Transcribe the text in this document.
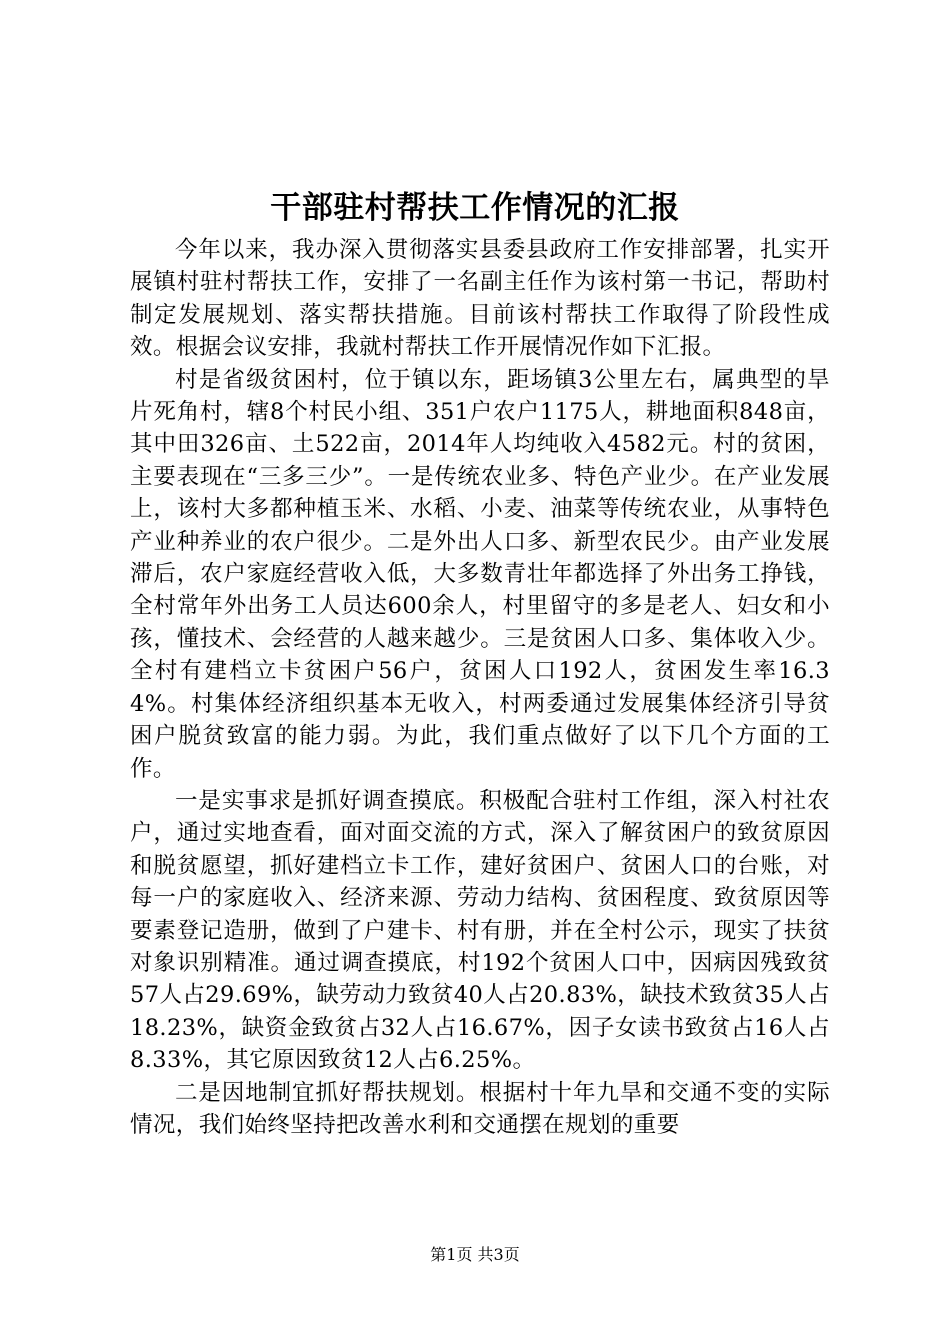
干部驻村帮扶工作情况的汇报

今年以来，我办深入贯彻落实县委县政府工作安排部署，扎实开展镇村驻村帮扶工作，安排了一名副主任作为该村第一书记，帮助村制定发展规划、落实帮扶措施。目前该村帮扶工作取得了阶段性成效。根据会议安排，我就村帮扶工作开展情况作如下汇报。

村是省级贫困村，位于镇以东，距场镇3公里左右，属典型的旱片死角村，辖8个村民小组、351户农户1175人，耕地面积848亩，其中田326亩、土522亩，2014年人均纯收入4582元。村的贫困，主要表现在“三多三少”。一是传统农业多、特色产业少。在产业发展上，该村大多都种植玉米、水稻、小麦、油菜等传统农业，从事特色产业种养业的农户很少。二是外出人口多、新型农民少。由产业发展滞后，农户家庭经营收入低，大多数青壮年都选择了外出务工挣钱，全村常年外出务工人员达600余人，村里留守的多是老人、妇女和小孩，懂技术、会经营的人越来越少。三是贫困人口多、集体收入少。全村有建档立卡贫困户56户，贫困人口192人，贫困发生率16.34%。村集体经济组织基本无收入，村两委通过发展集体经济引导贫困户脱贫致富的能力弱。为此，我们重点做好了以下几个方面的工作。

一是实事求是抓好调查摸底。积极配合驻村工作组，深入村社农户，通过实地查看，面对面交流的方式，深入了解贫困户的致贫原因和脱贫愿望，抓好建档立卡工作，建好贫困户、贫困人口的台账，对每一户的家庭收入、经济来源、劳动力结构、贫困程度、致贫原因等要素登记造册，做到了户建卡、村有册，并在全村公示，现实了扶贫对象识别精准。通过调查摸底，村192个贫困人口中，因病因残致贫57人占29.69%，缺劳动力致贫40人占20.83%，缺技术致贫35人占18.23%，缺资金致贫占32人占16.67%，因子女读书致贫占16人占8.33%，其它原因致贫12人占6.25%。

二是因地制宜抓好帮扶规划。根据村十年九旱和交通不变的实际情况，我们始终坚持把改善水利和交通摆在规划的重要

第1页 共3页
